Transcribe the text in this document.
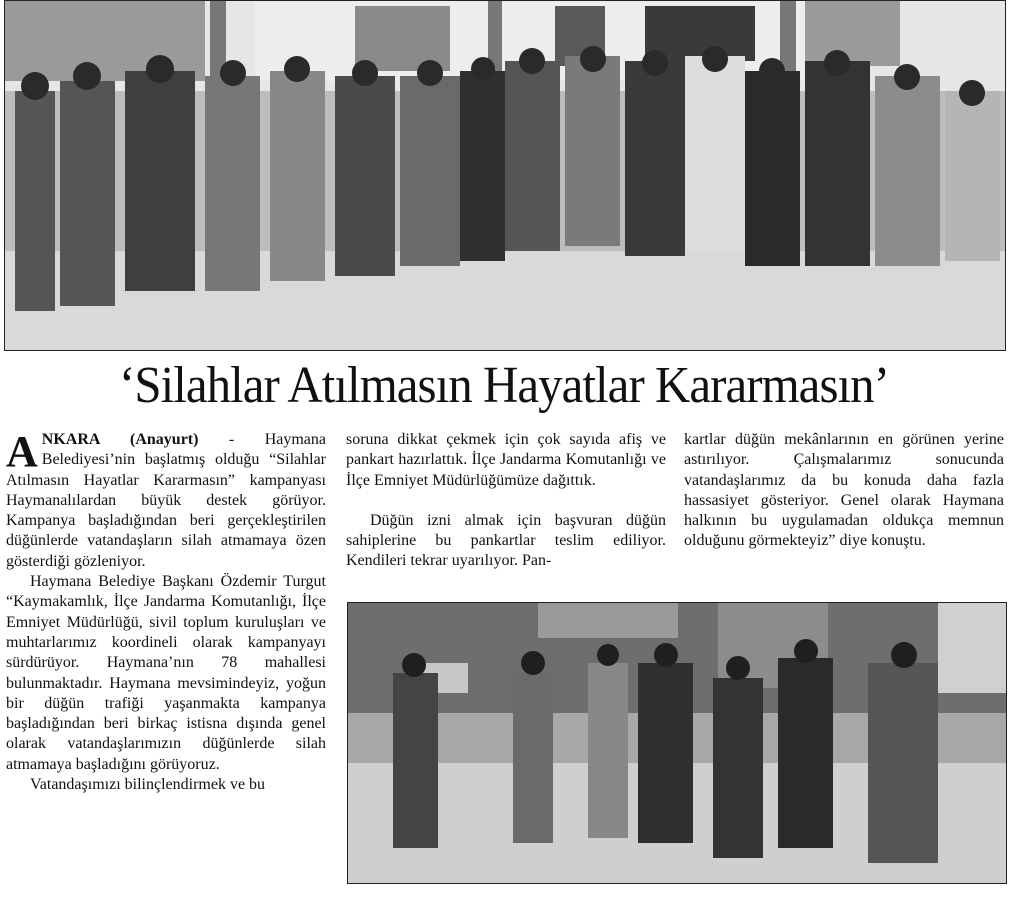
‘Silahlar Atılmasın Hayatlar Kararmasın’

ANKARA (Anayurt) - Haymana Belediyesi’nin başlatmış olduğu “Silahlar Atılmasın Hayatlar Kararmasın” kampanyası Haymanalılardan büyük destek görüyor. Kampanya başladığından beri gerçekleştirilen düğünlerde vatandaşların silah atmamaya özen gösterdiği gözleniyor.

Haymana Belediye Başkanı Özdemir Turgut “Kaymakamlık, İlçe Jandarma Komutanlığı, İlçe Emniyet Müdürlüğü, sivil toplum kuruluşları ve muhtarlarımız koordineli olarak kampanyayı sürdürüyor. Haymana’nın 78 mahallesi bulunmaktadır. Haymana mevsimindeyiz, yoğun bir düğün trafiği yaşanmakta kampanya başladığından beri birkaç istisna dışında genel olarak vatandaşlarımızın düğünlerde silah atmamaya başladığını görüyoruz.

Vatandaşımızı bilinçlendirmek ve bu

soruna dikkat çekmek için çok sayıda afiş ve pankart hazırlattık. İlçe Jandarma Komutanlığı ve İlçe Emniyet Müdürlüğümüze dağıttık.

Düğün izni almak için başvuran düğün sahiplerine bu pankartlar teslim ediliyor. Kendileri tekrar uyarılıyor. Pan-

kartlar düğün mekânlarının en görünen yerine astırılıyor. Çalışmalarımız sonucunda vatandaşlarımız da bu konuda daha fazla hassasiyet gösteriyor. Genel olarak Haymana halkının bu uygulamadan oldukça memnun olduğunu görmekteyiz” diye konuştu.
